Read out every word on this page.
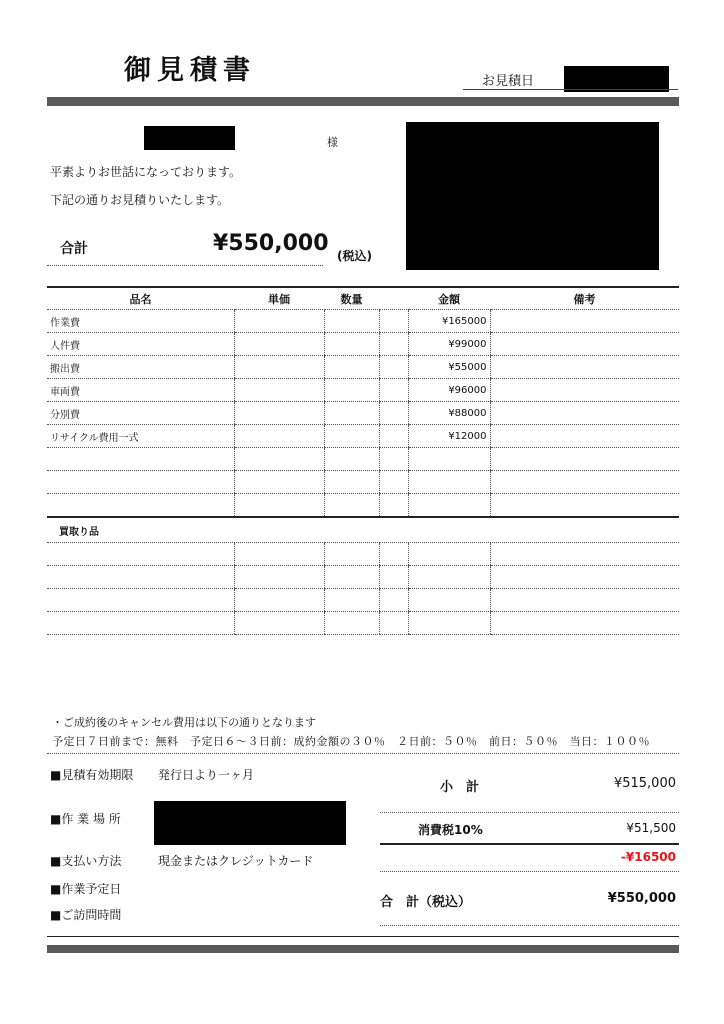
御見積書	お見積日
様
平素よりお世話になっております。
下記の通りお見積りいたします。
合計	¥550,000 (税込)
品名	単価	数量		金額	備考
作業費				¥165000	
人件費				¥99000	
搬出費				¥55000	
車両費				¥96000	
分別費				¥88000	
リサイクル費用一式				¥12000	

買取り品					

・ご成約後のキャンセル費用は以下の通りとなります
予定日７日前まで：無料　予定日６〜３日前：成約金額の３０％　２日前：５０％　前日：５０％　当日：１００％
■見積有効期限 発行日より一ヶ月
■作 業 場 所
■支払い方法	現金またはクレジットカード
■作業予定日
■ご訪問時間
小　計	¥515,000
消費税10%	¥51,500
-¥16500
合　計（税込）	¥550,000
